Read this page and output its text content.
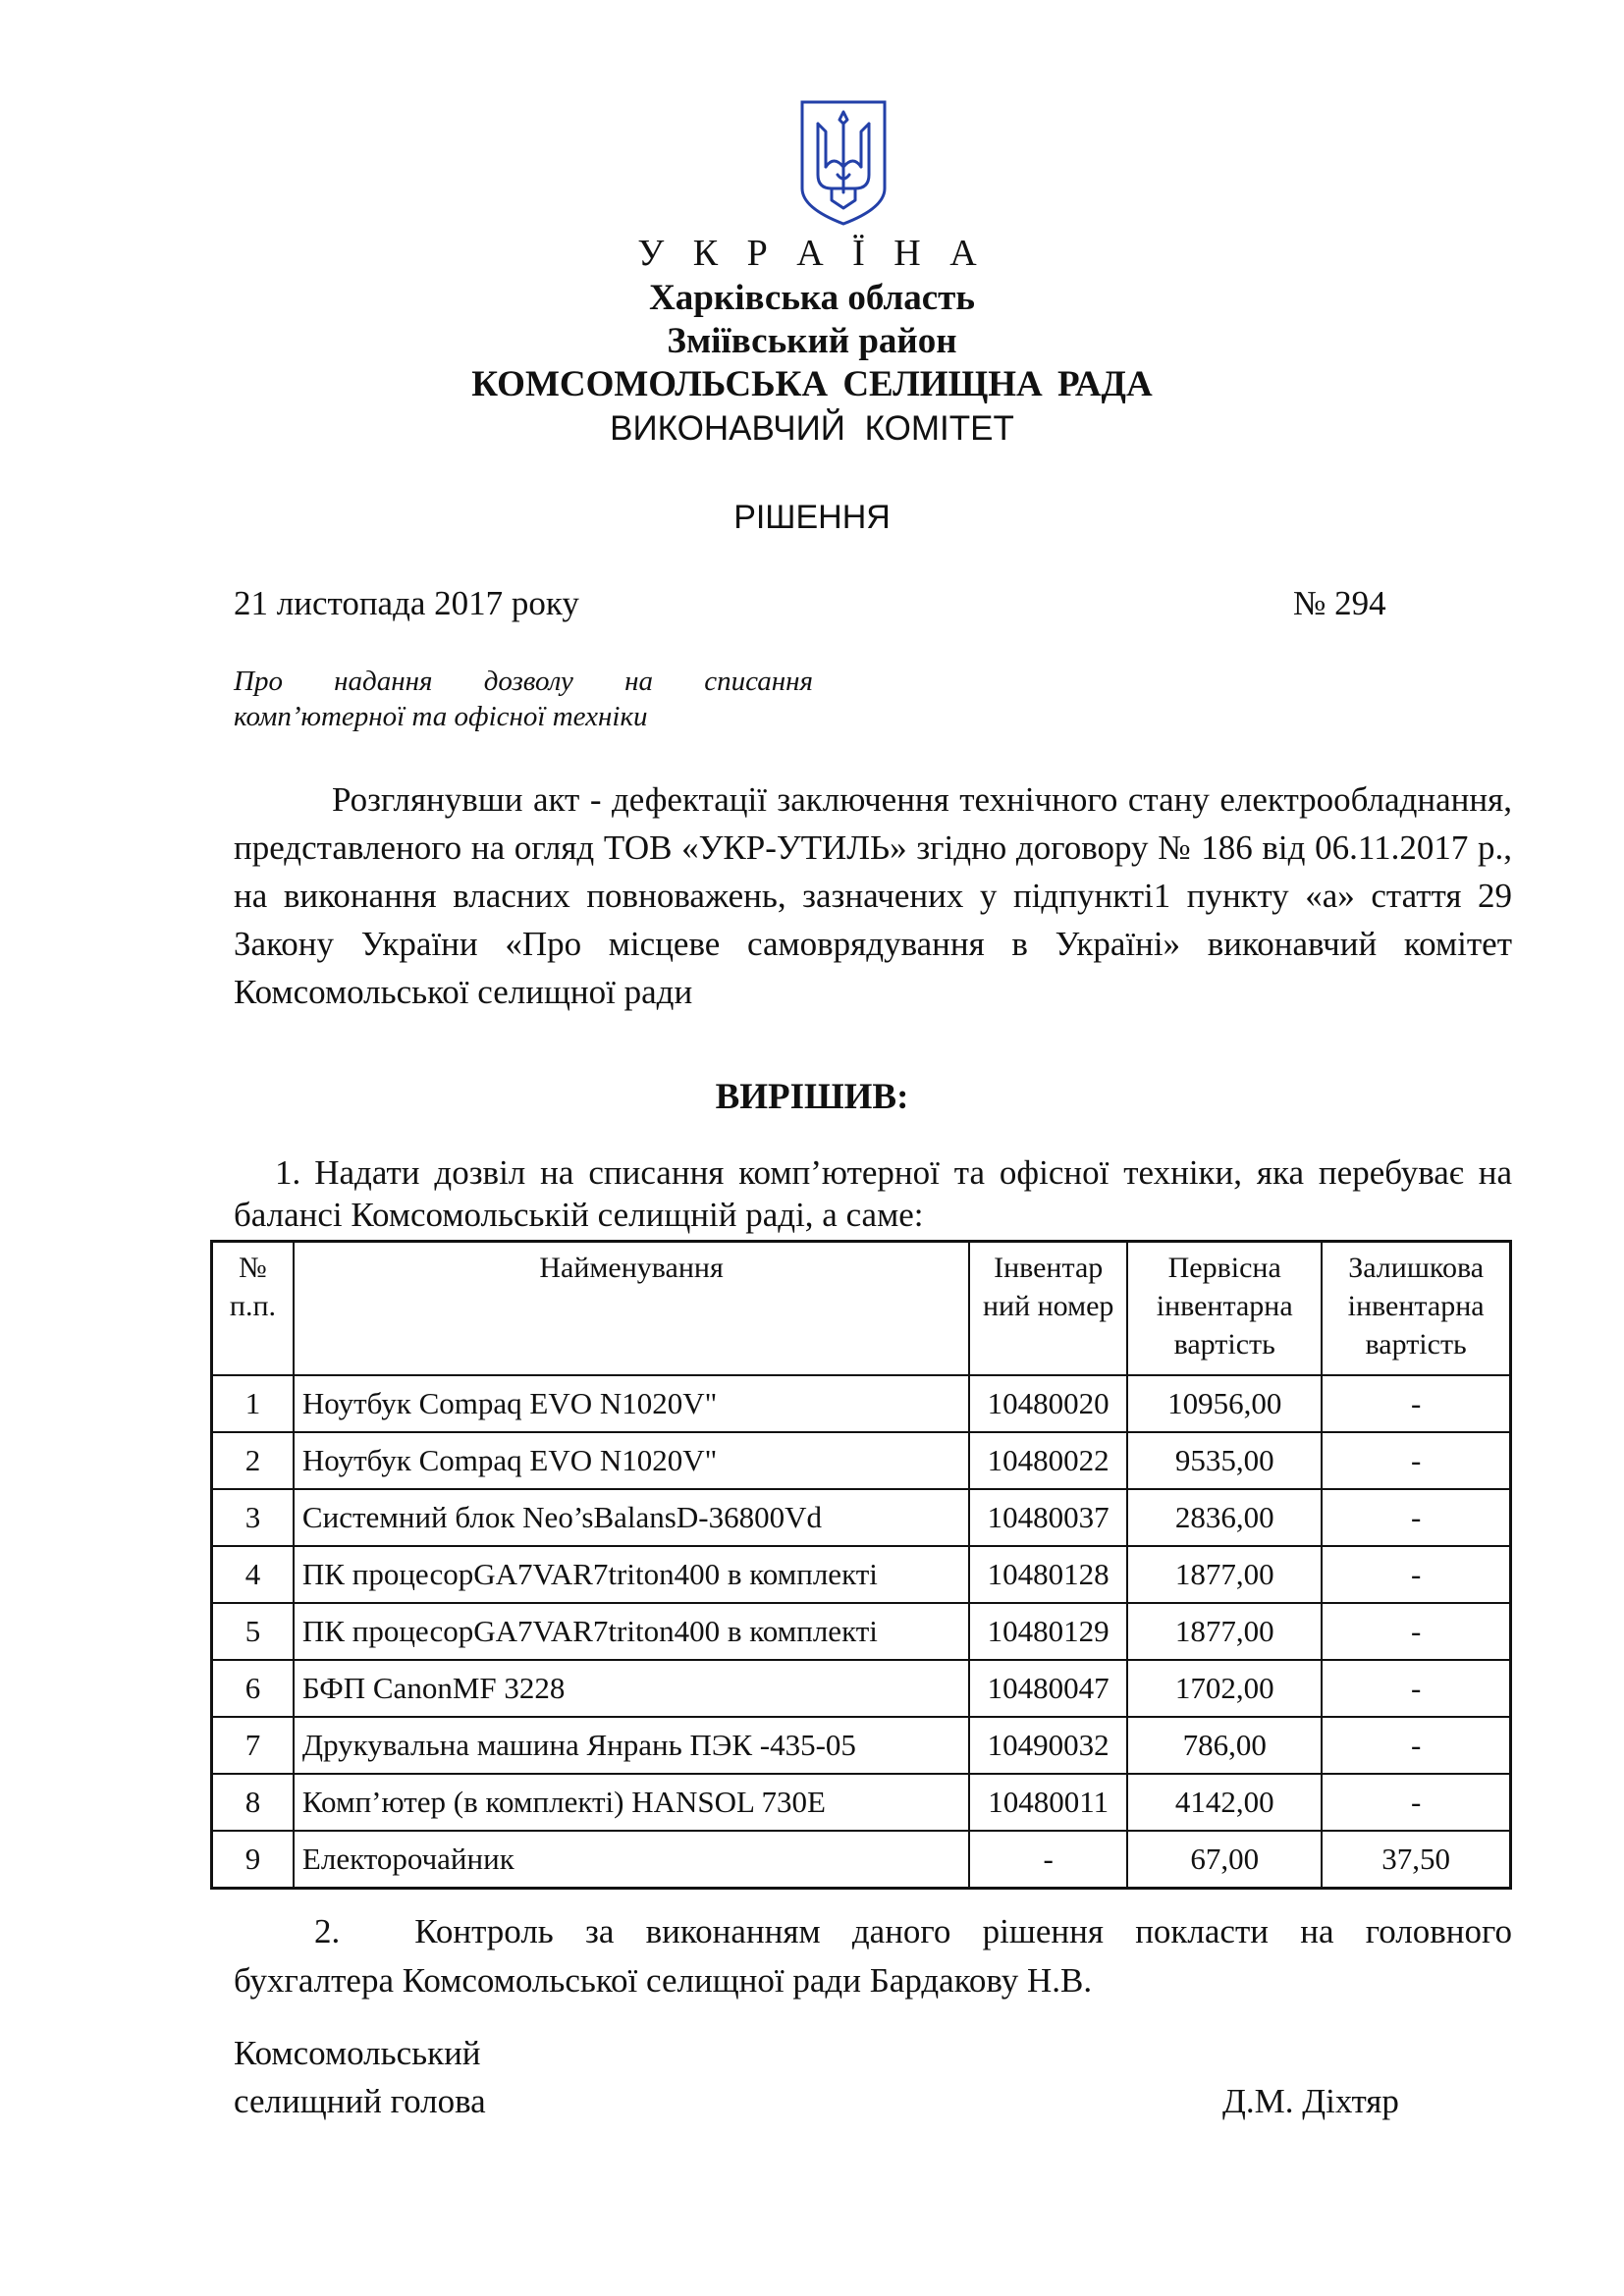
У К Р А Ї Н А
Харківська область
Зміївський район
КОМСОМОЛЬСЬКА СЕЛИЩНА РАДА
ВИКОНАВЧИЙ КОМІТЕТ
РІШЕННЯ
21 листопада 2017 року	№ 294
Про надання дозволу на списання
комп’ютерної та офісної техніки
Розглянувши акт - дефектації заключення технічного стану електрообладнання, представленого на огляд ТОВ «УКР-УТИЛЬ» згідно договору № 186 від 06.11.2017 р., на виконання власних повноважень, зазначених у підпункті1 пункту «а» стаття 29 Закону України «Про місцеве самоврядування в Україні» виконавчий комітет Комсомольської селищної ради
ВИРІШИВ:
1. Надати дозвіл на списання комп’ютерної та офісної техніки, яка перебуває на балансі Комсомольській селищній раді, а саме:
№ п.п.	Найменування	Інвентар ний номер	Первісна інвентарна вартість	Залишкова інвентарна вартість
1	Ноутбук Compaq EVO N1020V"	10480020	10956,00	-
2	Ноутбук Compaq EVO N1020V"	10480022	9535,00	-
3	Системний блок Neo’sBalansD-36800Vd	10480037	2836,00	-
4	ПК процесорGA7VAR7triton400 в комплекті	10480128	1877,00	-
5	ПК процесорGA7VAR7triton400 в комплекті	10480129	1877,00	-
6	БФП CanonMF 3228	10480047	1702,00	-
7	Друкувальна машина Янрань ПЭК -435-05	10490032	786,00	-
8	Комп’ютер (в комплекті) HANSOL 730E	10480011	4142,00	-
9	Електорочайник	-	67,00	37,50
2. Контроль за виконанням даного рішення покласти на головного бухгалтера Комсомольської селищної ради Бардакову Н.В.
Комсомольський
селищний голова	Д.М. Діхтяр
